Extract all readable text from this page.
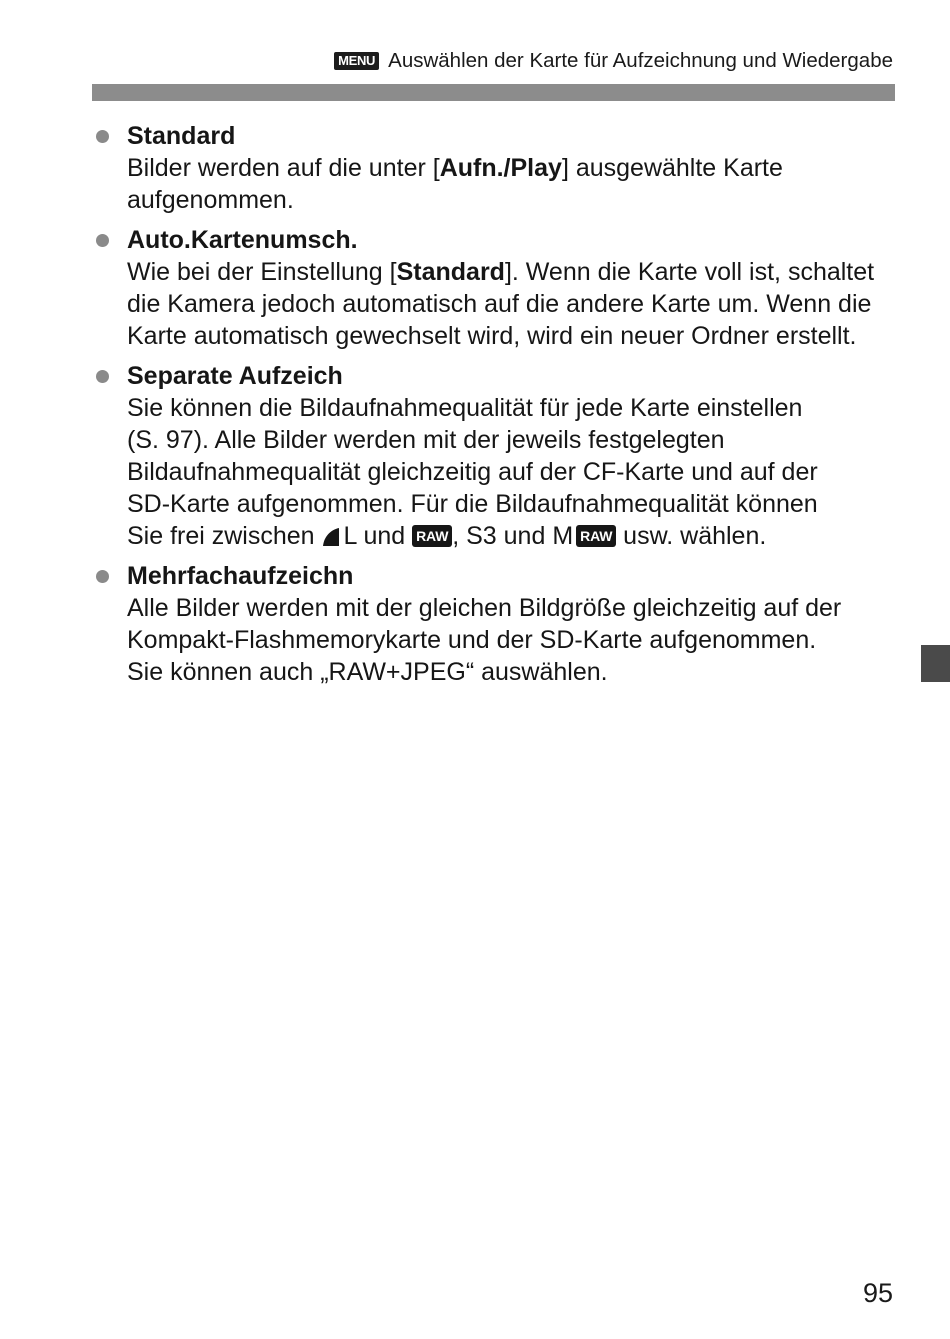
MENU Auswählen der Karte für Aufzeichnung und Wiedergabe
Standard
Bilder werden auf die unter [Aufn./Play] ausgewählte Karte
aufgenommen.
Auto.Kartenumsch.
Wie bei der Einstellung [Standard]. Wenn die Karte voll ist, schaltet
die Kamera jedoch automatisch auf die andere Karte um. Wenn die
Karte automatisch gewechselt wird, wird ein neuer Ordner erstellt.
Separate Aufzeich
Sie können die Bildaufnahmequalität für jede Karte einstellen
(S. 97). Alle Bilder werden mit der jeweils festgelegten
Bildaufnahmequalität gleichzeitig auf der CF-Karte und auf der
SD-Karte aufgenommen. Für die Bildaufnahmequalität können
Sie frei zwischen L und RAW , S3 und M RAW usw. wählen.
Mehrfachaufzeichn
Alle Bilder werden mit der gleichen Bildgröße gleichzeitig auf der
Kompakt-Flashmemorykarte und der SD-Karte aufgenommen.
Sie können auch „RAW+JPEG“ auswählen.
95
